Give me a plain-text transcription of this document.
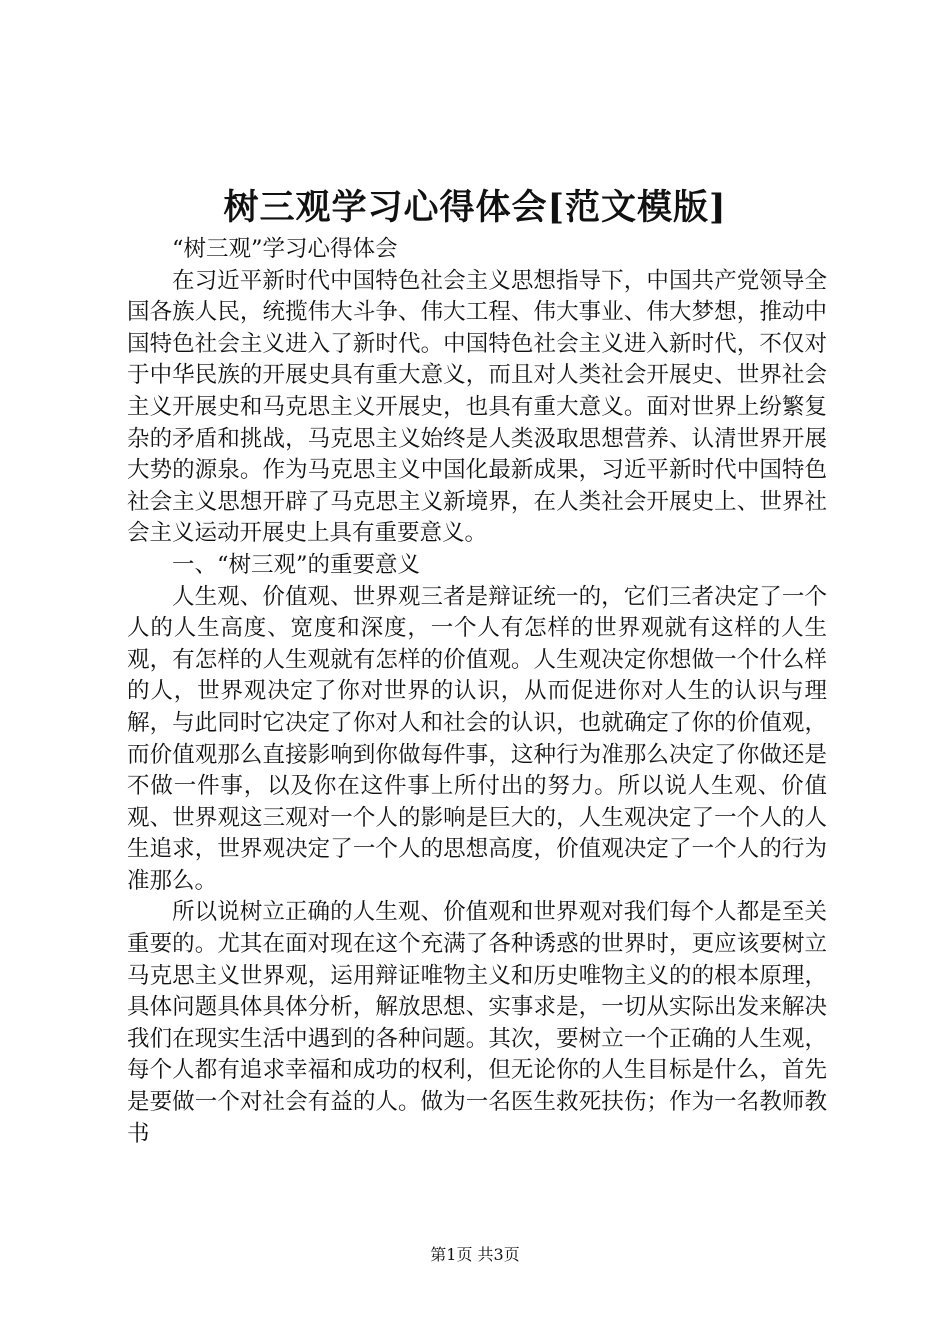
树三观学习心得体会[范文模版]

“树三观”学习心得体会

在习近平新时代中国特色社会主义思想指导下，中国共产党领导全国各族人民，统揽伟大斗争、伟大工程、伟大事业、伟大梦想，推动中国特色社会主义进入了新时代。中国特色社会主义进入新时代，不仅对于中华民族的开展史具有重大意义，而且对人类社会开展史、世界社会主义开展史和马克思主义开展史，也具有重大意义。面对世界上纷繁复杂的矛盾和挑战，马克思主义始终是人类汲取思想营养、认清世界开展大势的源泉。作为马克思主义中国化最新成果，习近平新时代中国特色社会主义思想开辟了马克思主义新境界，在人类社会开展史上、世界社会主义运动开展史上具有重要意义。

一、“树三观”的重要意义

人生观、价值观、世界观三者是辩证统一的，它们三者决定了一个人的人生高度、宽度和深度，一个人有怎样的世界观就有这样的人生观，有怎样的人生观就有怎样的价值观。人生观决定你想做一个什么样的人，世界观决定了你对世界的认识，从而促进你对人生的认识与理解，与此同时它决定了你对人和社会的认识，也就确定了你的价值观，而价值观那么直接影响到你做每件事，这种行为准那么决定了你做还是不做一件事，以及你在这件事上所付出的努力。所以说人生观、价值观、世界观这三观对一个人的影响是巨大的，人生观决定了一个人的人生追求，世界观决定了一个人的思想高度，价值观决定了一个人的行为准那么。

所以说树立正确的人生观、价值观和世界观对我们每个人都是至关重要的。尤其在面对现在这个充满了各种诱惑的世界时，更应该要树立马克思主义世界观，运用辩证唯物主义和历史唯物主义的的根本原理，具体问题具体具体分析，解放思想、实事求是，一切从实际出发来解决我们在现实生活中遇到的各种问题。其次，要树立一个正确的人生观，每个人都有追求幸福和成功的权利，但无论你的人生目标是什么，首先是要做一个对社会有益的人。做为一名医生救死扶伤；作为一名教师教书

第1页 共3页
